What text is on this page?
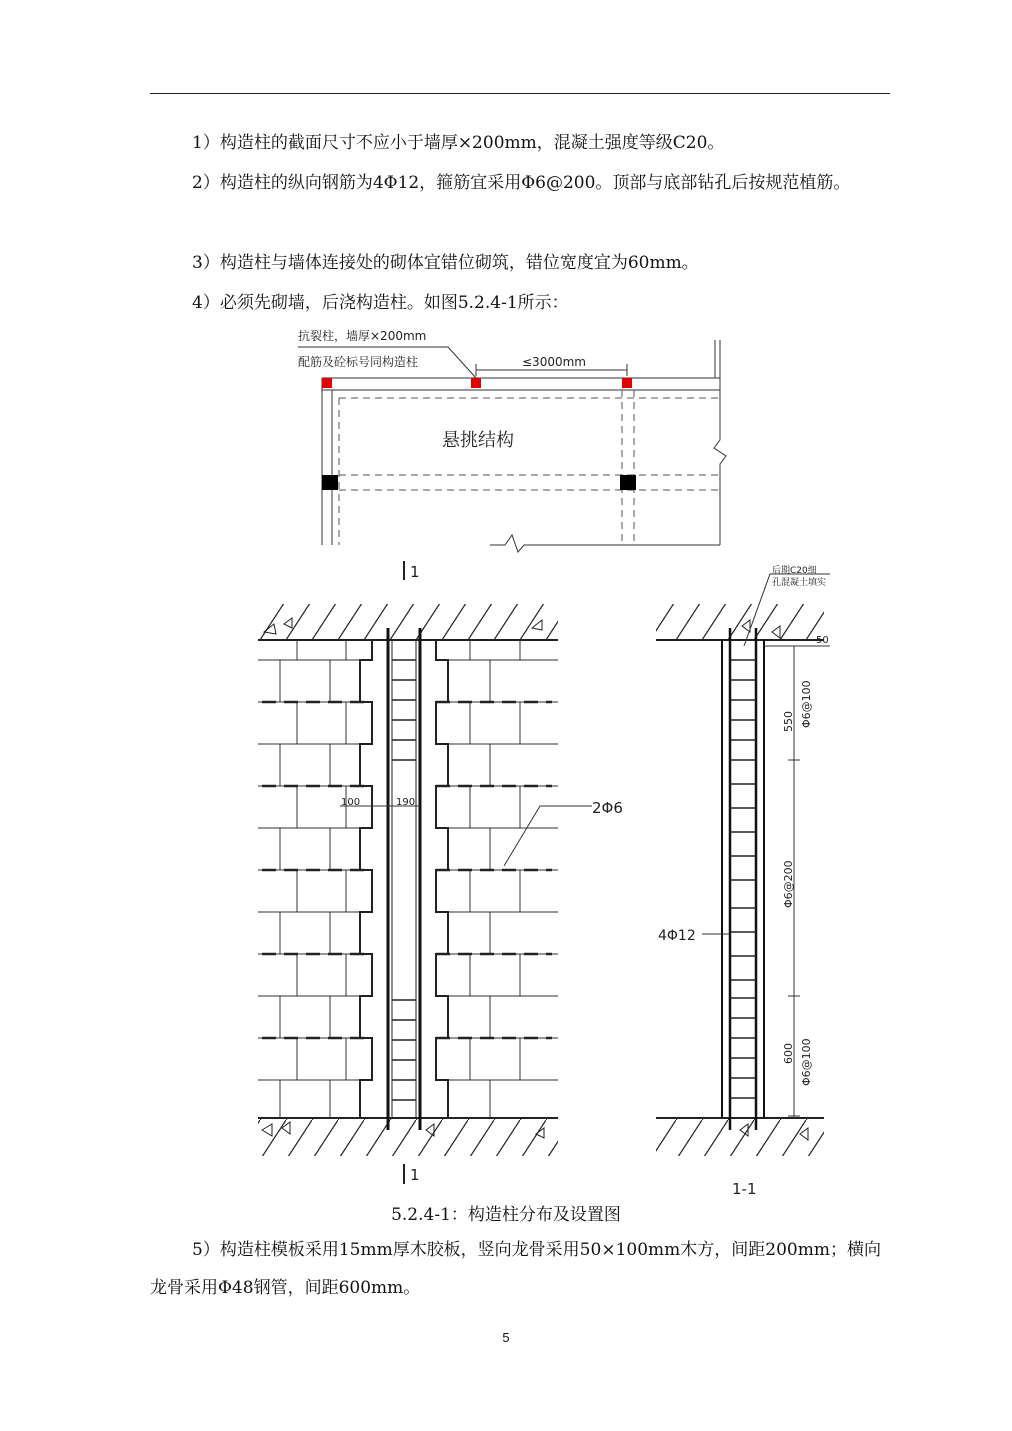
1）构造柱的截面尺寸不应小于墙厚×200mm，混凝土强度等级C20。

2）构造柱的纵向钢筋为4Φ12，箍筋宜采用Φ6@200。顶部与底部钻孔后按规范植筋。

3）构造柱与墙体连接处的砌体宜错位砌筑，错位宽度宜为60mm。

4）必须先砌墙，后浇构造柱。如图5.2.4-1所示：

抗裂柱，墙厚×200mm
配筋及砼标号同构造柱	≤3000mm
悬挑结构
1
1
100	190	2Φ6
后期C20细
孔混凝土填实
50
550 Φ6@100
Φ6@200
600 Φ6@100
4Φ12
1-1
5.2.4-1：构造柱分布及设置图

5）构造柱模板采用15mm厚木胶板，竖向龙骨采用50×100mm木方，间距200mm；横向龙骨采用Φ48钢管，间距600mm。

5
